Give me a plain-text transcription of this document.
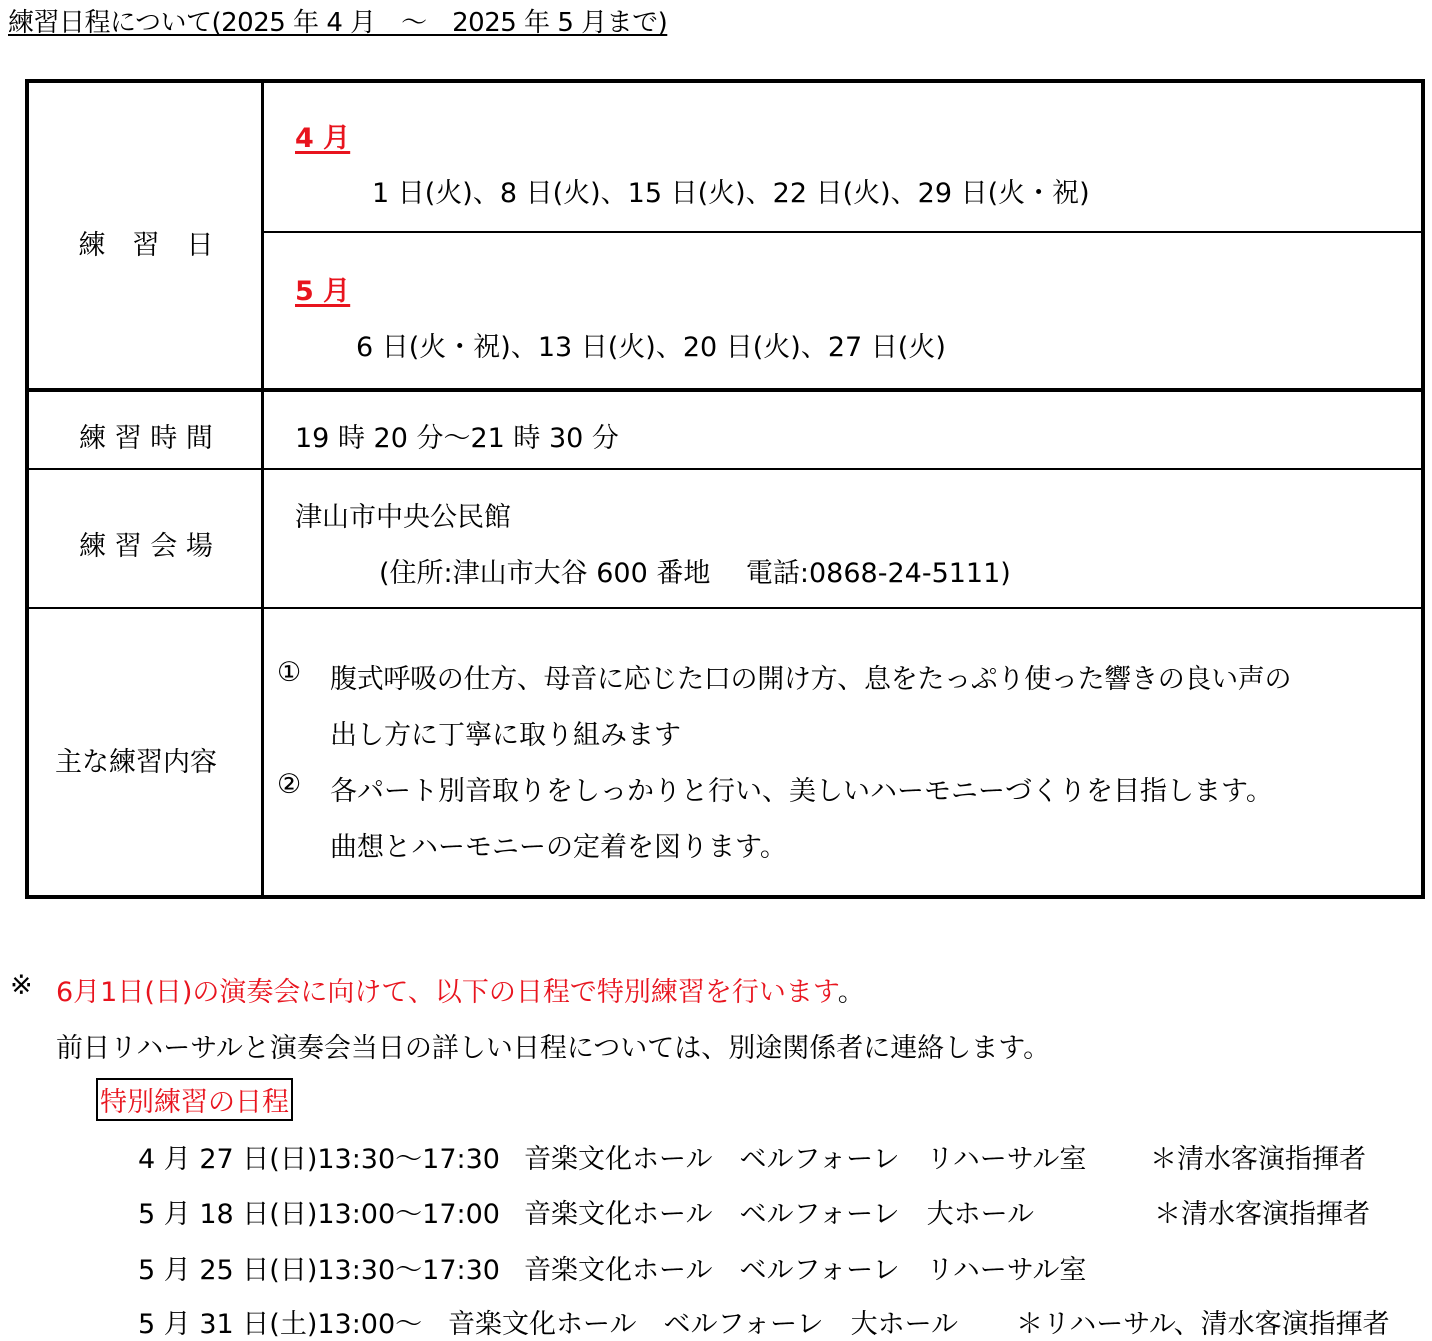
練習日程について(2025 年 4 月　～　2025 年 5 月まで)
練　習　日
4 月
1 日(火)、8 日(火)、15 日(火)、22 日(火)、29 日(火・祝)
5 月
6 日(火・祝)、13 日(火)、20 日(火)、27 日(火)
練 習 時 間	19 時 20 分～21 時 30 分
練 習 会 場
津山市中央公民館
(住所:津山市大谷 600 番地　 電話:0868-24-5111)
主な練習内容
① 腹式呼吸の仕方、母音に応じた口の開け方、息をたっぷり使った響きの良い声の
出し方に丁寧に取り組みます
② 各パート別音取りをしっかりと行い、美しいハーモニーづくりを目指します。
曲想とハーモニーの定着を図ります。
※ 6月1日(日)の演奏会に向けて、以下の日程で特別練習を行います。
前日リハーサルと演奏会当日の詳しい日程については、別途関係者に連絡します。
特別練習の日程
4 月 27 日(日)13:30～17:30 音楽文化ホール　ベルフォーレ　リハーサル室 ＊清水客演指揮者
5 月 18 日(日)13:00～17:00 音楽文化ホール　ベルフォーレ　大ホール	＊清水客演指揮者
5 月 25 日(日)13:30～17:30 音楽文化ホール　ベルフォーレ　リハーサル室
5 月 31 日(土)13:00～ 音楽文化ホール　ベルフォーレ　大ホール ＊リハーサル、清水客演指揮者
